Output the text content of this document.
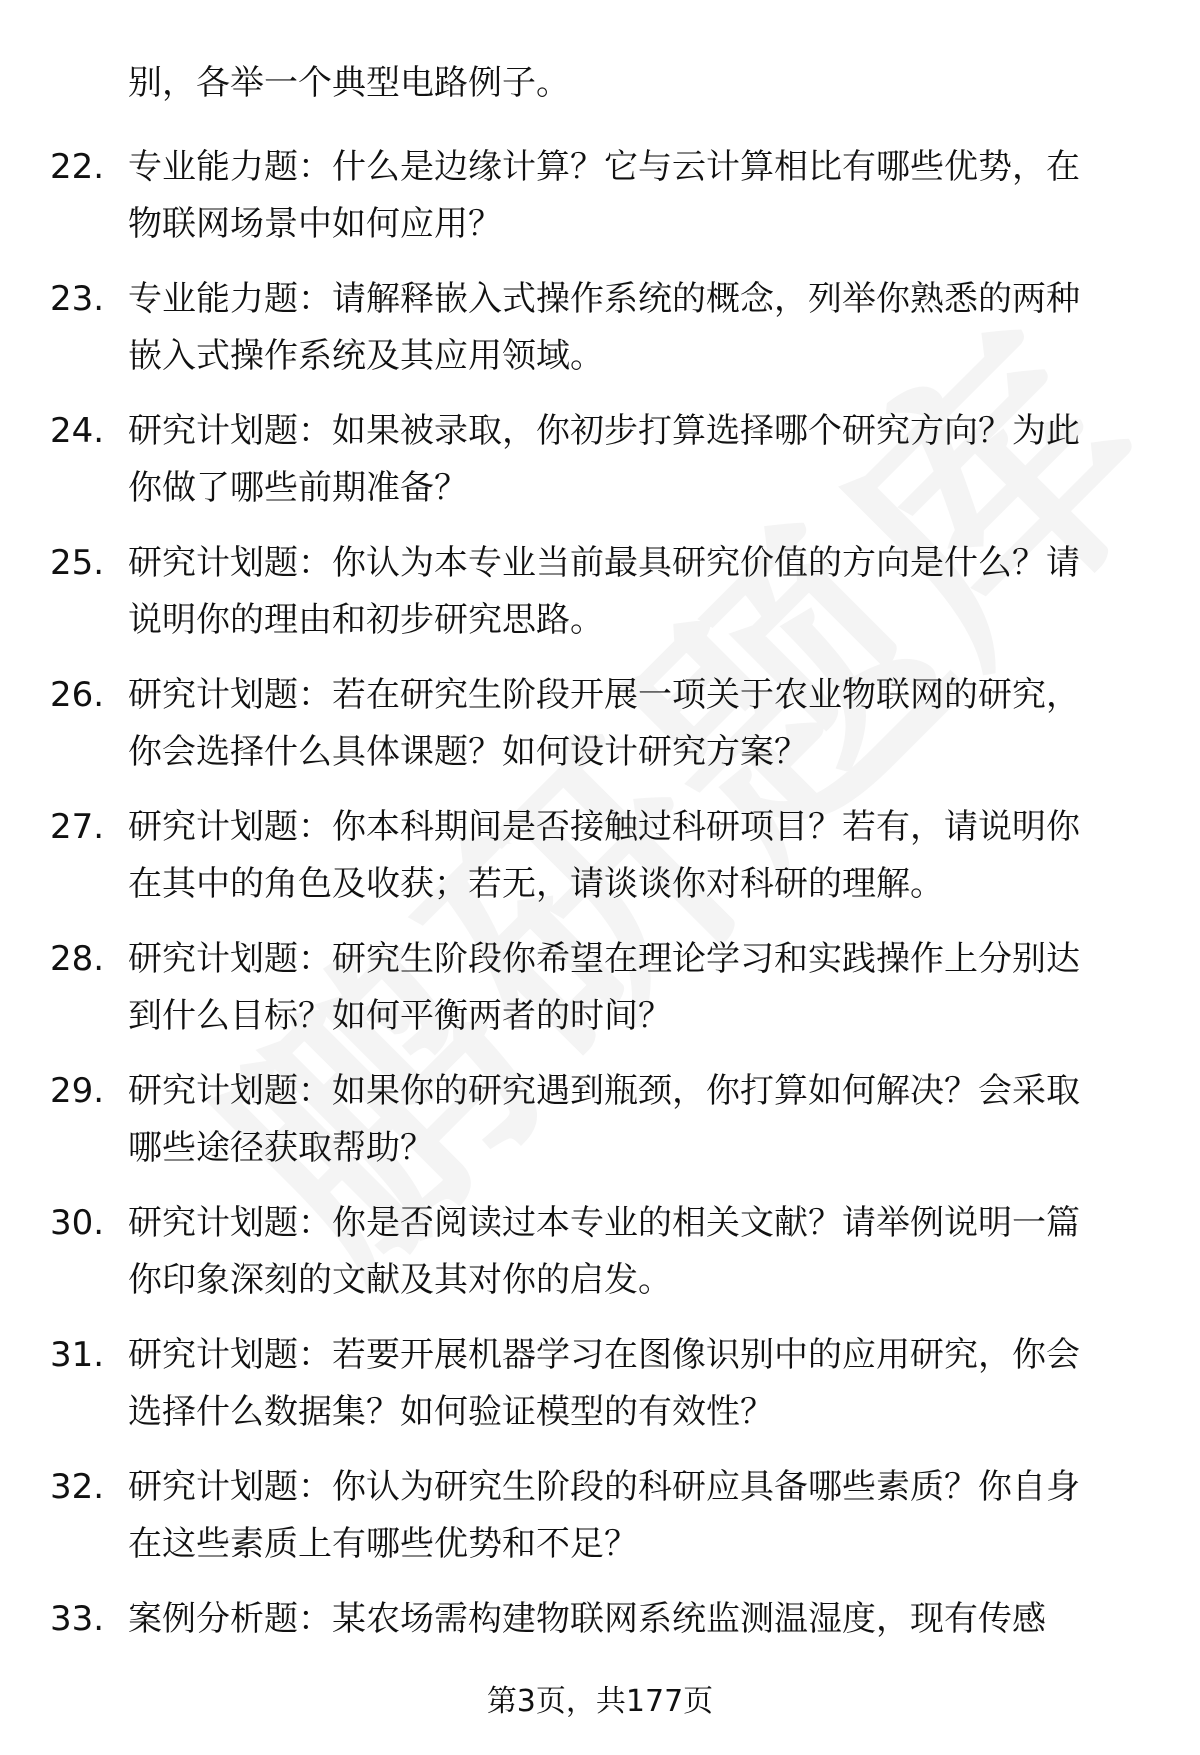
别，各举一个典型电路例子。
22. 专业能力题：什么是边缘计算？它与云计算相比有哪些优势，在
物联网场景中如何应用？
23. 专业能力题：请解释嵌入式操作系统的概念，列举你熟悉的两种
嵌入式操作系统及其应用领域。
24. 研究计划题：如果被录取，你初步打算选择哪个研究方向？为此
你做了哪些前期准备？
25. 研究计划题：你认为本专业当前最具研究价值的方向是什么？请
说明你的理由和初步研究思路。
26. 研究计划题：若在研究生阶段开展一项关于农业物联网的研究，
你会选择什么具体课题？如何设计研究方案？
27. 研究计划题：你本科期间是否接触过科研项目？若有，请说明你
在其中的角色及收获；若无，请谈谈你对科研的理解。
28. 研究计划题：研究生阶段你希望在理论学习和实践操作上分别达
到什么目标？如何平衡两者的时间？
29. 研究计划题：如果你的研究遇到瓶颈，你打算如何解决？会采取
哪些途径获取帮助？
30. 研究计划题：你是否阅读过本专业的相关文献？请举例说明一篇
你印象深刻的文献及其对你的启发。
31. 研究计划题：若要开展机器学习在图像识别中的应用研究，你会
选择什么数据集？如何验证模型的有效性？
32. 研究计划题：你认为研究生阶段的科研应具备哪些素质？你自身
在这些素质上有哪些优势和不足？
33. 案例分析题：某农场需构建物联网系统监测温湿度，现有传感
第3页，共177页
